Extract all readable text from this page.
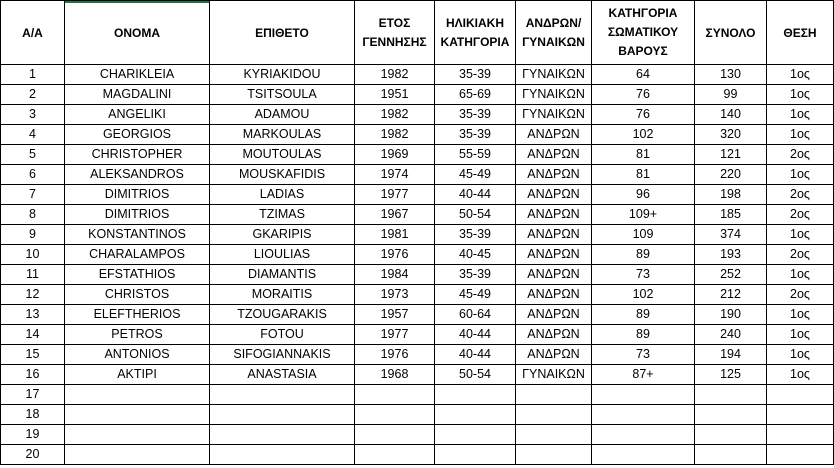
Α/Α	ΟΝΟΜΑ	ΕΠΙΘΕΤΟ	ΕΤΟΣ ΓΕΝΝΗΣΗΣ	ΗΛΙΚΙΑΚΗ ΚΑΤΗΓΟΡΙΑ	ΑΝΔΡΩΝ/ ΓΥΝΑΙΚΩΝ	ΚΑΤΗΓΟΡΙΑ ΣΩΜΑΤΙΚΟΥ ΒΑΡΟΥΣ	ΣΥΝΟΛΟ	ΘΕΣΗ
1	CHARIKLEIA	KYRIAKIDOU	1982	35-39	ΓΥΝΑΙΚΩΝ	64	130	1ος
2	MAGDALINI	TSITSOULA	1951	65-69	ΓΥΝΑΙΚΩΝ	76	99	1ος
3	ANGELIKI	ADAMOU	1982	35-39	ΓΥΝΑΙΚΩΝ	76	140	1ος
4	GEORGIOS	MARKOULAS	1982	35-39	ΑΝΔΡΩΝ	102	320	1ος
5	CHRISTOPHER	MOUTOULAS	1969	55-59	ΑΝΔΡΩΝ	81	121	2ος
6	ALEKSANDROS	MOUSKAFIDIS	1974	45-49	ΑΝΔΡΩΝ	81	220	1ος
7	DIMITRIOS	LADIAS	1977	40-44	ΑΝΔΡΩΝ	96	198	2ος
8	DIMITRIOS	TZIMAS	1967	50-54	ΑΝΔΡΩΝ	109+	185	2ος
9	KONSTANTINOS	GKARIPIS	1981	35-39	ΑΝΔΡΩΝ	109	374	1ος
10	CHARALAMPOS	LIOULIAS	1976	40-45	ΑΝΔΡΩΝ	89	193	2ος
11	EFSTATHIOS	DIAMANTIS	1984	35-39	ΑΝΔΡΩΝ	73	252	1ος
12	CHRISTOS	MORAITIS	1973	45-49	ΑΝΔΡΩΝ	102	212	2ος
13	ELEFTHERIOS	TZOUGARAKIS	1957	60-64	ΑΝΔΡΩΝ	89	190	1ος
14	PETROS	FOTOU	1977	40-44	ΑΝΔΡΩΝ	89	240	1ος
15	ANTONIOS	SIFOGIANNAKIS	1976	40-44	ΑΝΔΡΩΝ	73	194	1ος
16	AKTIPI	ANASTASIA	1968	50-54	ΓΥΝΑΙΚΩΝ	87+	125	1ος
17								
18								
19								
20								
